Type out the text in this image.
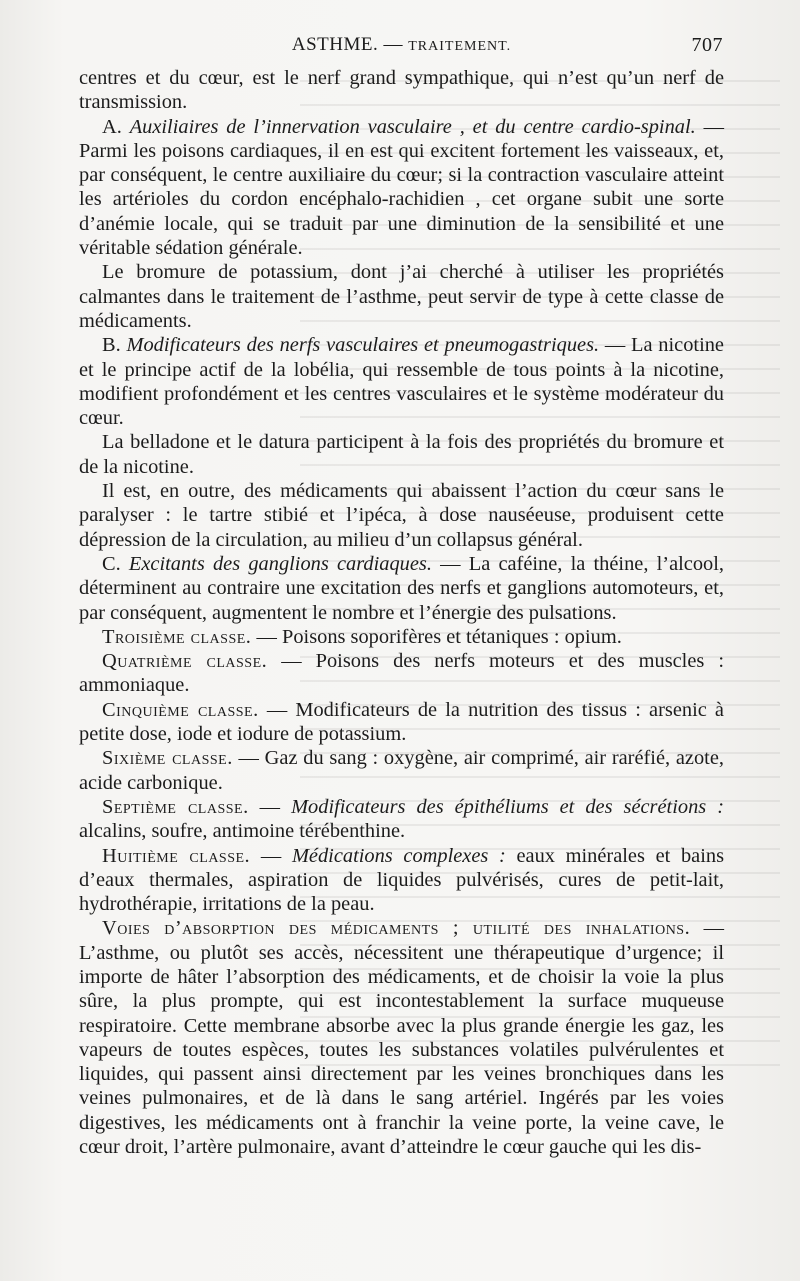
ASTHME. — TRAITEMENT.	707

centres et du cœur, est le nerf grand sympathique, qui n’est qu’un nerf de transmission.

A. Auxiliaires de l’innervation vasculaire , et du centre cardio-spinal. — Parmi les poisons cardiaques, il en est qui excitent fortement les vaisseaux, et, par conséquent, le centre auxiliaire du cœur; si la contraction vasculaire atteint les artérioles du cordon encéphalo-rachidien , cet organe subit une sorte d’anémie locale, qui se traduit par une diminution de la sensibilité et une véritable sédation générale.

Le bromure de potassium, dont j’ai cherché à utiliser les propriétés calmantes dans le traitement de l’asthme, peut servir de type à cette classe de médicaments.

B. Modificateurs des nerfs vasculaires et pneumogastriques. — La nicotine et le principe actif de la lobélia, qui ressemble de tous points à la nicotine, modifient profondément et les centres vasculaires et le système modérateur du cœur.

La belladone et le datura participent à la fois des propriétés du bromure et de la nicotine.

Il est, en outre, des médicaments qui abaissent l’action du cœur sans le paralyser : le tartre stibié et l’ipéca, à dose nauséeuse, produisent cette dépression de la circulation, au milieu d’un collapsus général.

C. Excitants des ganglions cardiaques. — La caféine, la théine, l’alcool, déterminent au contraire une excitation des nerfs et ganglions automoteurs, et, par conséquent, augmentent le nombre et l’énergie des pulsations.

Troisième classe. — Poisons soporifères et tétaniques : opium.

Quatrième classe. — Poisons des nerfs moteurs et des muscles : ammoniaque.

Cinquième classe. — Modificateurs de la nutrition des tissus : arsenic à petite dose, iode et iodure de potassium.

Sixième classe. — Gaz du sang : oxygène, air comprimé, air raréfié, azote, acide carbonique.

Septième classe. — Modificateurs des épithéliums et des sécrétions : alcalins, soufre, antimoine térébenthine.

Huitième classe. — Médications complexes : eaux minérales et bains d’eaux thermales, aspiration de liquides pulvérisés, cures de petit-lait, hydrothérapie, irritations de la peau.

Voies d’absorption des médicaments ; utilité des inhalations. — L’asthme, ou plutôt ses accès, nécessitent une thérapeutique d’urgence; il importe de hâter l’absorption des médicaments, et de choisir la voie la plus sûre, la plus prompte, qui est incontestablement la surface muqueuse respiratoire. Cette membrane absorbe avec la plus grande énergie les gaz, les vapeurs de toutes espèces, toutes les substances volatiles pulvérulentes et liquides, qui passent ainsi directement par les veines bronchiques dans les veines pulmonaires, et de là dans le sang artériel. Ingérés par les voies digestives, les médicaments ont à franchir la veine porte, la veine cave, le cœur droit, l’artère pulmonaire, avant d’atteindre le cœur gauche qui les dis-
